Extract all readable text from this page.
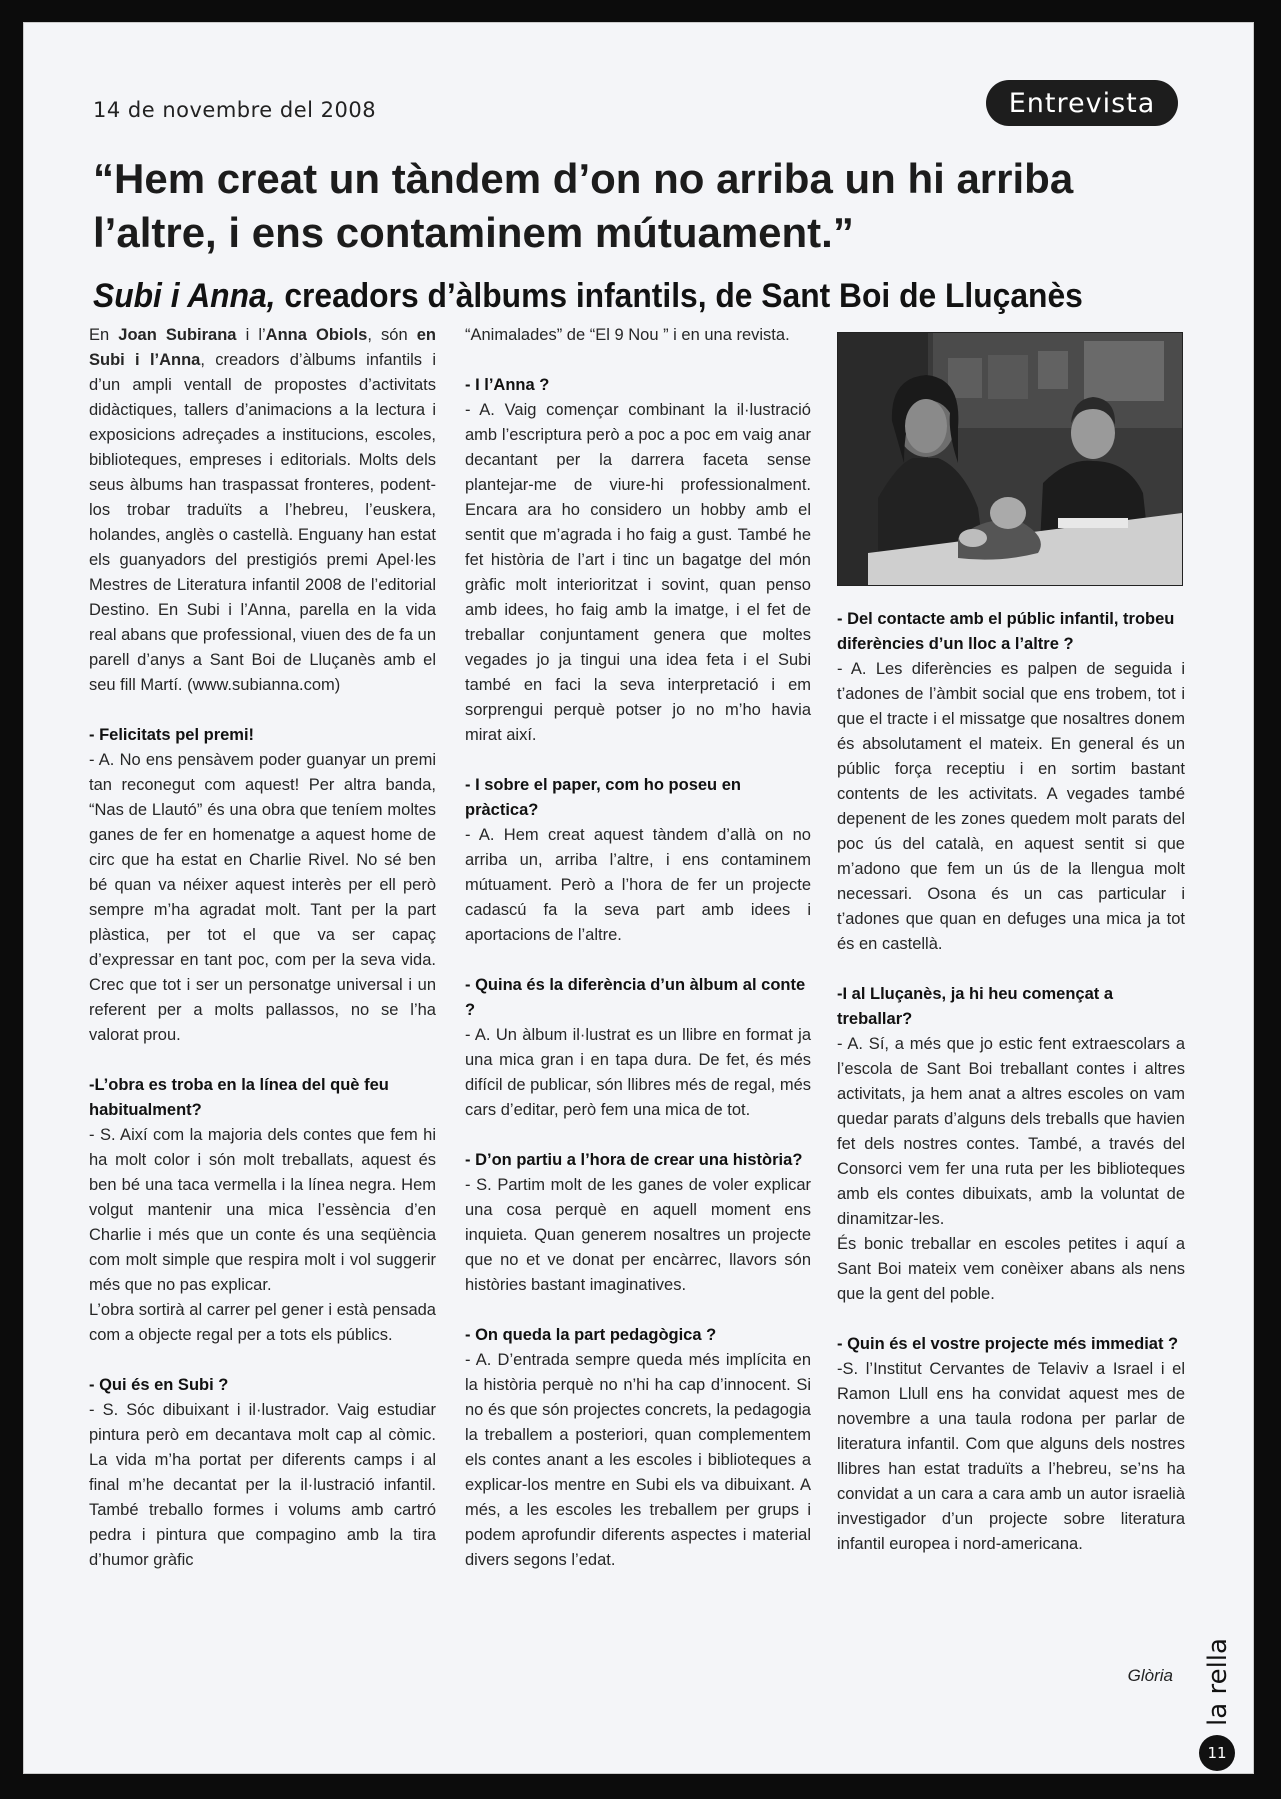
14 de novembre del 2008	Entrevista
“Hem creat un tàndem d’on no arriba un hi arriba l’altre, i ens contaminem mútuament.”
Subi i Anna, creadors d’àlbums infantils, de Sant Boi de Lluçanès

En Joan Subirana i l’Anna Obiols, són en Subi i l’Anna, creadors d’àlbums infantils i d’un ampli ventall de propostes d’activitats didàctiques, tallers d’animacions a la lectura i exposicions adreçades a institucions, escoles, biblioteques, empreses i editorials. Molts dels seus àlbums han traspassat fronteres, podent-los trobar traduïts a l’hebreu, l’euskera, holandes, anglès o castellà. Enguany han estat els guanyadors del prestigiós premi Apel·les Mestres de Literatura infantil 2008 de l’editorial Destino. En Subi i l’Anna, parella en la vida real abans que professional, viuen des de fa un parell d’anys a Sant Boi de Lluçanès amb el seu fill Martí. (www.subianna.com)

- Felicitats pel premi!

- A. No ens pensàvem poder guanyar un premi tan reconegut com aquest! Per altra banda, “Nas de Llautó” és una obra que teníem moltes ganes de fer en homenatge a aquest home de circ que ha estat en Charlie Rivel. No sé ben bé quan va néixer aquest interès per ell però sempre m’ha agradat molt. Tant per la part plàstica, per tot el que va ser capaç d’expressar en tant poc, com per la seva vida. Crec que tot i ser un personatge universal i un referent per a molts pallassos, no se l’ha valorat prou.

-L’obra es troba en la línea del què feu habitualment?

- S. Així com la majoria dels contes que fem hi ha molt color i són molt treballats, aquest és ben bé una taca vermella i la línea negra. Hem volgut mantenir una mica l’essència d’en Charlie i més que un conte és una seqüència com molt simple que respira molt i vol suggerir més que no pas explicar.

L’obra sortirà al carrer pel gener i està pensada com a objecte regal per a tots els públics.

- Qui és en Subi ?

- S. Sóc dibuixant i il·lustrador. Vaig estudiar pintura però em decantava molt cap al còmic. La vida m’ha portat per diferents camps i al final m’he decantat per la il·lustració infantil. També treballo formes i volums amb cartró pedra i pintura que compagino amb la tira d’humor gràfic

“Animalades” de “El 9 Nou ” i en una revista.

- I l’Anna ?

- A. Vaig començar combinant la il·lustració amb l’escriptura però a poc a poc em vaig anar decantant per la darrera faceta sense plantejar-me de viure-hi professionalment. Encara ara ho considero un hobby amb el sentit que m’agrada i ho faig a gust. També he fet història de l’art i tinc un bagatge del món gràfic molt interioritzat i sovint, quan penso amb idees, ho faig amb la imatge, i el fet de treballar conjuntament genera que moltes vegades jo ja tingui una idea feta i el Subi també en faci la seva interpretació i em sorprengui perquè potser jo no m’ho havia mirat així.

- I sobre el paper, com ho poseu en pràctica?

- A. Hem creat aquest tàndem d’allà on no arriba un, arriba l’altre, i ens contaminem mútuament. Però a l’hora de fer un projecte cadascú fa la seva part amb idees i aportacions de l’altre.

- Quina és la diferència d’un àlbum al conte ?

- A. Un àlbum il·lustrat es un llibre en format ja una mica gran i en tapa dura. De fet, és més difícil de publicar, són llibres més de regal, més cars d’editar, però fem una mica de tot.

- D’on partiu a l’hora de crear una història?

- S. Partim molt de les ganes de voler explicar una cosa perquè en aquell moment ens inquieta. Quan generem nosaltres un projecte que no et ve donat per encàrrec, llavors són històries bastant imaginatives.

- On queda la part pedagògica ?

- A. D’entrada sempre queda més implícita en la història perquè no n’hi ha cap d’innocent. Si no és que són projectes concrets, la pedagogia la treballem a posteriori, quan complementem els contes anant a les escoles i biblioteques a explicar-los mentre en Subi els va dibuixant. A més, a les escoles les treballem per grups i podem aprofundir diferents aspectes i material divers segons l’edat.

- Del contacte amb el públic infantil, trobeu diferències d’un lloc a l’altre ?

- A. Les diferències es palpen de seguida i t’adones de l’àmbit social que ens trobem, tot i que el tracte i el missatge que nosaltres donem és absolutament el mateix. En general és un públic força receptiu i en sortim bastant contents de les activitats. A vegades també depenent de les zones quedem molt parats del poc ús del català, en aquest sentit si que m’adono que fem un ús de la llengua molt necessari. Osona és un cas particular i t’adones que quan en defuges una mica ja tot és en castellà.

-I al Lluçanès, ja hi heu començat a treballar?

- A. Sí, a més que jo estic fent extraescolars a l’escola de Sant Boi treballant contes i altres activitats, ja hem anat a altres escoles on vam quedar parats d’alguns dels treballs que havien fet dels nostres contes. També, a través del Consorci vem fer una ruta per les biblioteques amb els contes dibuixats, amb la voluntat de dinamitzar-les.

És bonic treballar en escoles petites i aquí a Sant Boi mateix vem conèixer abans als nens que la gent del poble.

- Quin és el vostre projecte més immediat ?

-S. l’Institut Cervantes de Telaviv a Israel i el Ramon Llull ens ha convidat aquest mes de novembre a una taula rodona per parlar de literatura infantil. Com que alguns dels nostres llibres han estat traduïts a l’hebreu, se’ns ha convidat a un cara a cara amb un autor israelià investigador d’un projecte sobre literatura infantil europea i nord-americana.

Glòria la rella
11
